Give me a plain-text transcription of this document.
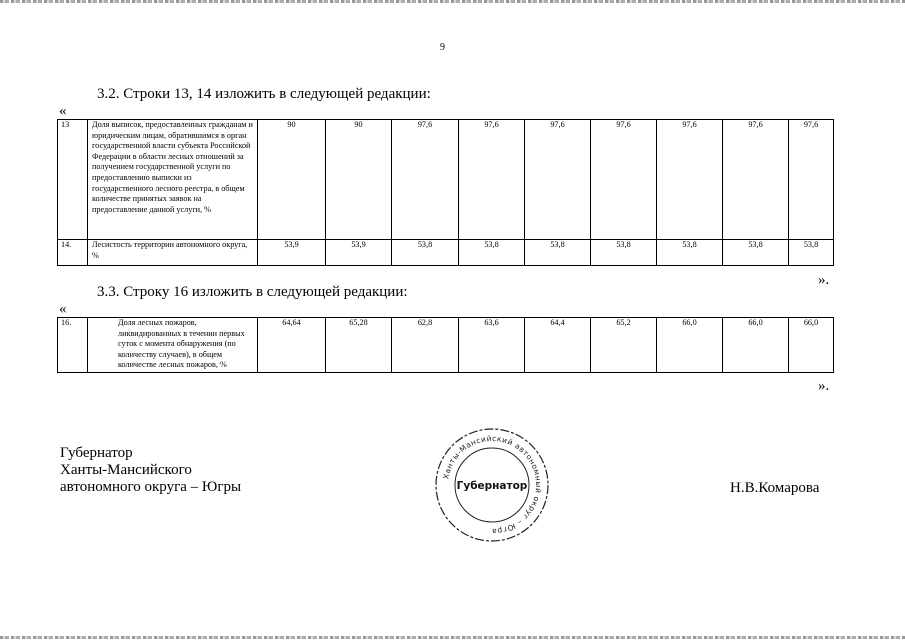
9
3.2. Строки 13, 14 изложить в следующей редакции:
«
13	Доля выписок, предоставленных гражданам и юридическим лицам, обратившимся в орган государственной власти субъекта Российской Федерации в области лесных отношений за получением государственной услуги по предоставлению выписки из государственного лесного реестра, в общем количестве принятых заявок на предоставление данной услуги, %	90	90	97,6	97,6	97,6	97,6	97,6	97,6	97,6
14.	Лесистость территории автономного округа, %	53,9	53,9	53,8	53,8	53,8	53,8	53,8	53,8	53,8
».
3.3. Строку 16 изложить в следующей редакции:
«
16.	Доля лесных пожаров, ликвидированных в течении первых суток с момента обнаружения (по количеству случаев), в общем количестве лесных пожаров, %	64,64	65,28	62,8	63,6	64,4	65,2	66,0	66,0	66,0
».
Губернатор
Ханты-Мансийского
автономного округа – Югры
Ханты-Мансийский автономный округ – Югра
Губернатор	Н.В.Комарова
